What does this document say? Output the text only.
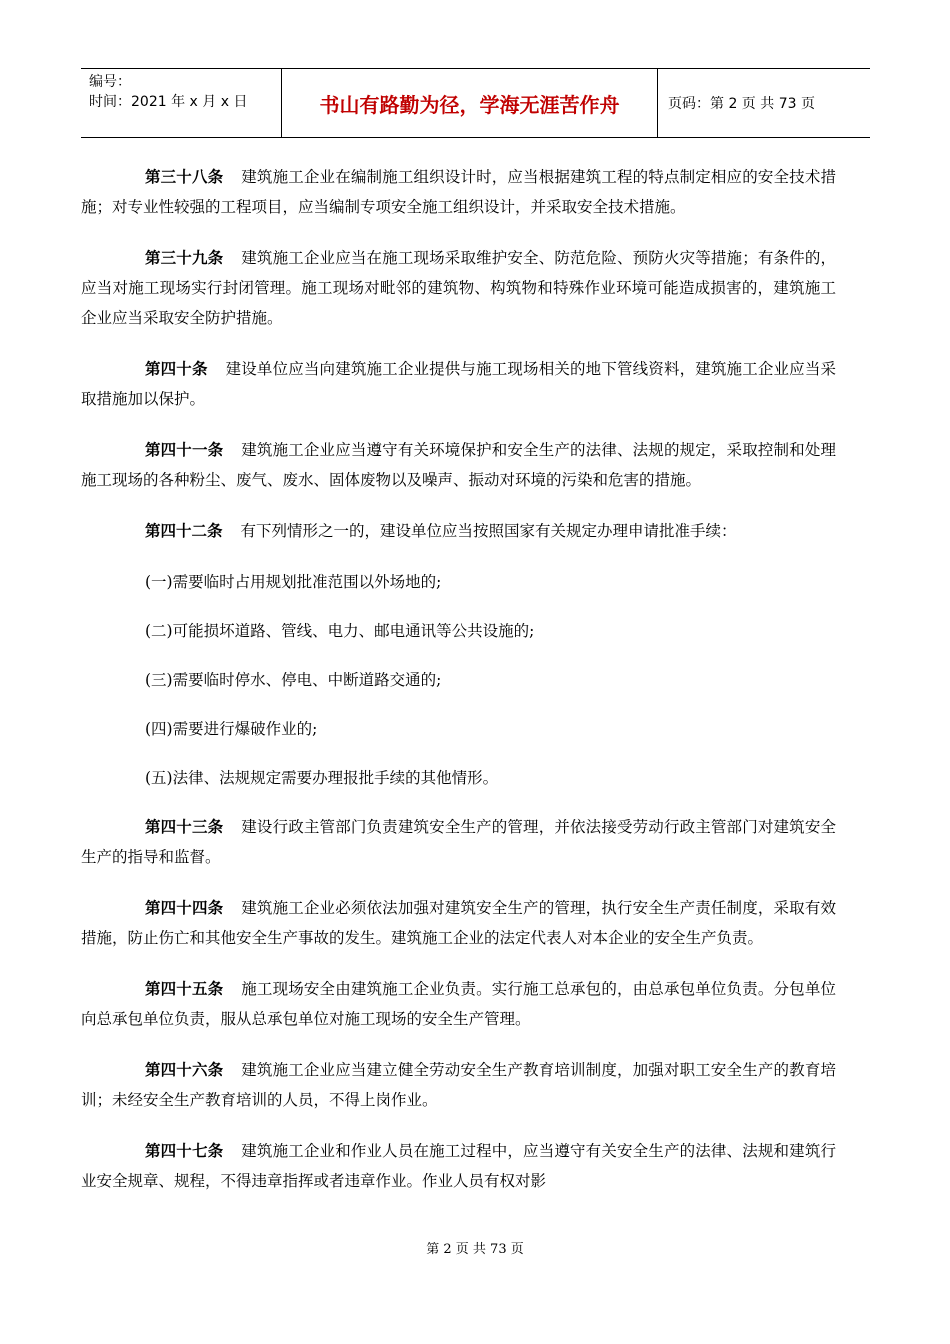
编号：
时间：2021 年 x 月 x 日	书山有路勤为径，学海无涯苦作舟	页码：第 2 页 共 73 页

第三十八条 建筑施工企业在编制施工组织设计时，应当根据建筑工程的特点制定相应的安全技术措施；对专业性较强的工程项目，应当编制专项安全施工组织设计，并采取安全技术措施。

第三十九条 建筑施工企业应当在施工现场采取维护安全、防范危险、预防火灾等措施；有条件的，应当对施工现场实行封闭管理。施工现场对毗邻的建筑物、构筑物和特殊作业环境可能造成损害的，建筑施工企业应当采取安全防护措施。

第四十条 建设单位应当向建筑施工企业提供与施工现场相关的地下管线资料，建筑施工企业应当采取措施加以保护。

第四十一条 建筑施工企业应当遵守有关环境保护和安全生产的法律、法规的规定，采取控制和处理施工现场的各种粉尘、废气、废水、固体废物以及噪声、振动对环境的污染和危害的措施。

第四十二条 有下列情形之一的，建设单位应当按照国家有关规定办理申请批准手续：

(一)需要临时占用规划批准范围以外场地的;

(二)可能损坏道路、管线、电力、邮电通讯等公共设施的;

(三)需要临时停水、停电、中断道路交通的;

(四)需要进行爆破作业的;

(五)法律、法规规定需要办理报批手续的其他情形。

第四十三条 建设行政主管部门负责建筑安全生产的管理，并依法接受劳动行政主管部门对建筑安全生产的指导和监督。

第四十四条 建筑施工企业必须依法加强对建筑安全生产的管理，执行安全生产责任制度，采取有效措施，防止伤亡和其他安全生产事故的发生。建筑施工企业的法定代表人对本企业的安全生产负责。

第四十五条 施工现场安全由建筑施工企业负责。实行施工总承包的，由总承包单位负责。分包单位向总承包单位负责，服从总承包单位对施工现场的安全生产管理。

第四十六条 建筑施工企业应当建立健全劳动安全生产教育培训制度，加强对职工安全生产的教育培训；未经安全生产教育培训的人员，不得上岗作业。

第四十七条 建筑施工企业和作业人员在施工过程中，应当遵守有关安全生产的法律、法规和建筑行业安全规章、规程，不得违章指挥或者违章作业。作业人员有权对影

第 2 页 共 73 页
